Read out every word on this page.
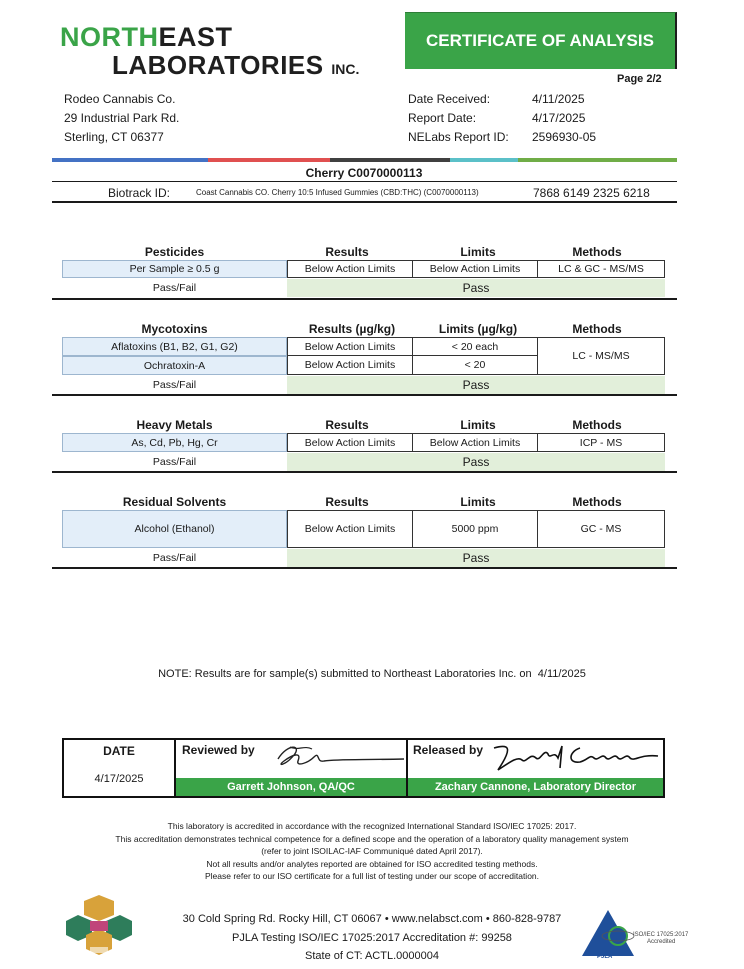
NORTHEAST
LABORATORIES INC.
CERTIFICATE OF ANALYSIS
Page 2/2
Rodeo Cannabis Co.
29 Industrial Park Rd.
Sterling, CT 06377
Date Received:	4/11/2025
Report Date:	4/17/2025
NELabs Report ID: 2596930-05
Cherry C0070000113
Biotrack ID:	Coast Cannabis CO. Cherry 10:5 Infused Gummies (CBD:THC) (C0070000113)	7868 6149 2325 6218
Pesticides	Results	Limits	Methods
Per Sample ≥ 0.5 g	Below Action Limits	Below Action Limits	LC & GC - MS/MS
Pass/Fail	Pass
Mycotoxins	Results (µg/kg)	Limits (µg/kg)	Methods
Aflatoxins (B1, B2, G1, G2)	Below Action Limits	< 20 each
Ochratoxin-A	Below Action Limits	< 20
LC - MS/MS
Pass/Fail	Pass
Heavy Metals	Results	Limits	Methods
As, Cd, Pb, Hg, Cr	Below Action Limits	Below Action Limits	ICP - MS
Pass/Fail	Pass
Residual Solvents	Results	Limits	Methods
Alcohol (Ethanol)	Below Action Limits	5000 ppm	GC - MS
Pass/Fail	Pass
NOTE: Results are for sample(s) submitted to Northeast Laboratories Inc. on 4/11/2025
DATE
4/17/2025
Reviewed by
Garrett Johnson, QA/QC
Released by
Zachary Cannone, Laboratory Director
This laboratory is accredited in accordance with the recognized International Standard ISO/IEC 17025: 2017.
This accreditation demonstrates technical competence for a defined scope and the operation of a laboratory quality management system
(refer to joint ISOILAC-IAF Communiqué dated April 2017).
Not all results and/or analytes reported are obtained for ISO accredited testing methods.
Please refer to our ISO certificate for a full list of testing under our scope of accreditation.
30 Cold Spring Rd. Rocky Hill, CT 06067 • www.nelabsct.com • 860-828-9787
PJLA Testing ISO/IEC 17025:2017 Accreditation #: 99258
State of CT: ACTL.0000004	PJLA
ISO/IEC 17025:2017
Accredited
